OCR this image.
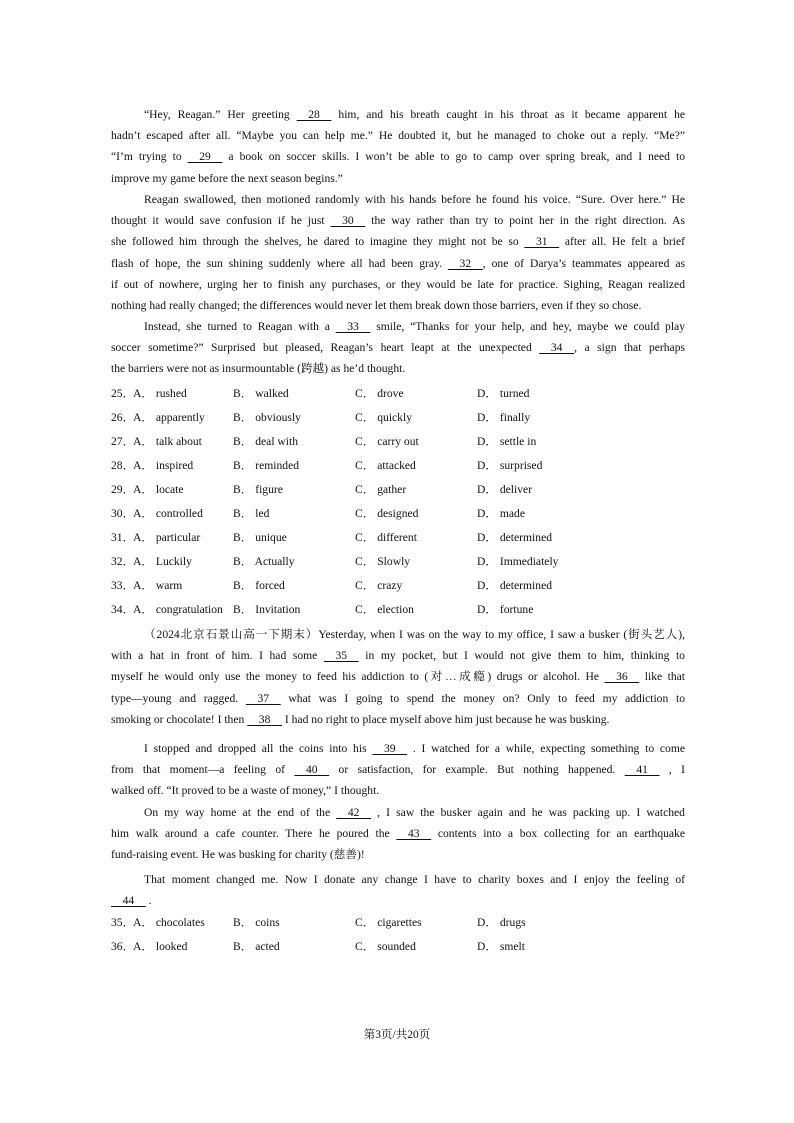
“Hey, Reagan.” Her greeting     28     him, and his breath caught in his throat as it became apparent he
hadn’t escaped after all. “Maybe you can help me.” He doubted it, but he managed to choke out a reply. “Me?”
“I’m trying to     29     a book on soccer skills. I won’t be able to go to camp over spring break, and I need to
improve my game before the next season begins.”
Reagan swallowed, then motioned randomly with his hands before he found his voice. “Sure. Over here.” He
thought it would save confusion if he just     30     the way rather than try to point her in the right direction. As
she followed him through the shelves, he dared to imagine they might not be so     31     after all. He felt a brief
flash of hope, the sun shining suddenly where all had been gray.     32    , one of Darya’s teammates appeared as
if out of nowhere, urging her to finish any purchases, or they would be late for practice. Sighing, Reagan realized
nothing had really changed; the differences would never let them break down those barriers, even if they so chose.
Instead, she turned to Reagan with a     33     smile, “Thanks for your help, and hey, maybe we could play
soccer sometime?” Surprised but pleased, Reagan’s heart leapt at the unexpected     34    , a sign that perhaps
the barriers were not as insurmountable (跨越) as he’d thought.
25．
A． rushed	B． walked	C． drove	D． turned
26．
A． apparently B． obviously	C． quickly	D． finally
27．
A． talk about	B． deal with	C． carry out	D． settle in
28．
A． inspired	B． reminded	C． attacked	D． surprised
29．
A． locate	B． figure	C． gather	D． deliver
30．
A． controlled	B． led	C． designed	D． made
31．
A． particular	B． unique	C． different	D． determined
32．
A． Luckily	B． Actually	C． Slowly	D． Immediately
33．
A． warm	B． forced	C． crazy	D． determined
34．
A． congratulation B． Invitation	C． election	D． fortune
（2024北京石景山高一下期末）Yesterday, when I was on the way to my office, I saw a busker (街头艺人),
with a hat in front of him. I had some     35     in my pocket, but I would not give them to him, thinking to
myself he would only use the money to feed his addiction to (对…成瘾) drugs or alcohol. He     36     like that
type—young and ragged.     37     what was I going to spend the money on? Only to feed my addiction to
smoking or chocolate! I then     38     I had no right to place myself above him just because he was busking.
I stopped and dropped all the coins into his     39     . I watched for a while, expecting something to come
from that moment—a feeling of     40     or satisfaction, for example. But nothing happened.     41     , I
walked off. “It proved to be a waste of money,” I thought.
On my way home at the end of the     42     , I saw the busker again and he was packing up. I watched
him walk around a cafe counter. There he poured the     43     contents into a box collecting for an earthquake
fund-raising event. He was busking for charity (慈善)!
That moment changed me. Now I donate any change I have to charity boxes and I enjoy the feeling of
44     .
35．
A． chocolates B． coins	C． cigarettes	D． drugs
36．
A． looked	B． acted	C． sounded	D． smelt
第3页/共20页
